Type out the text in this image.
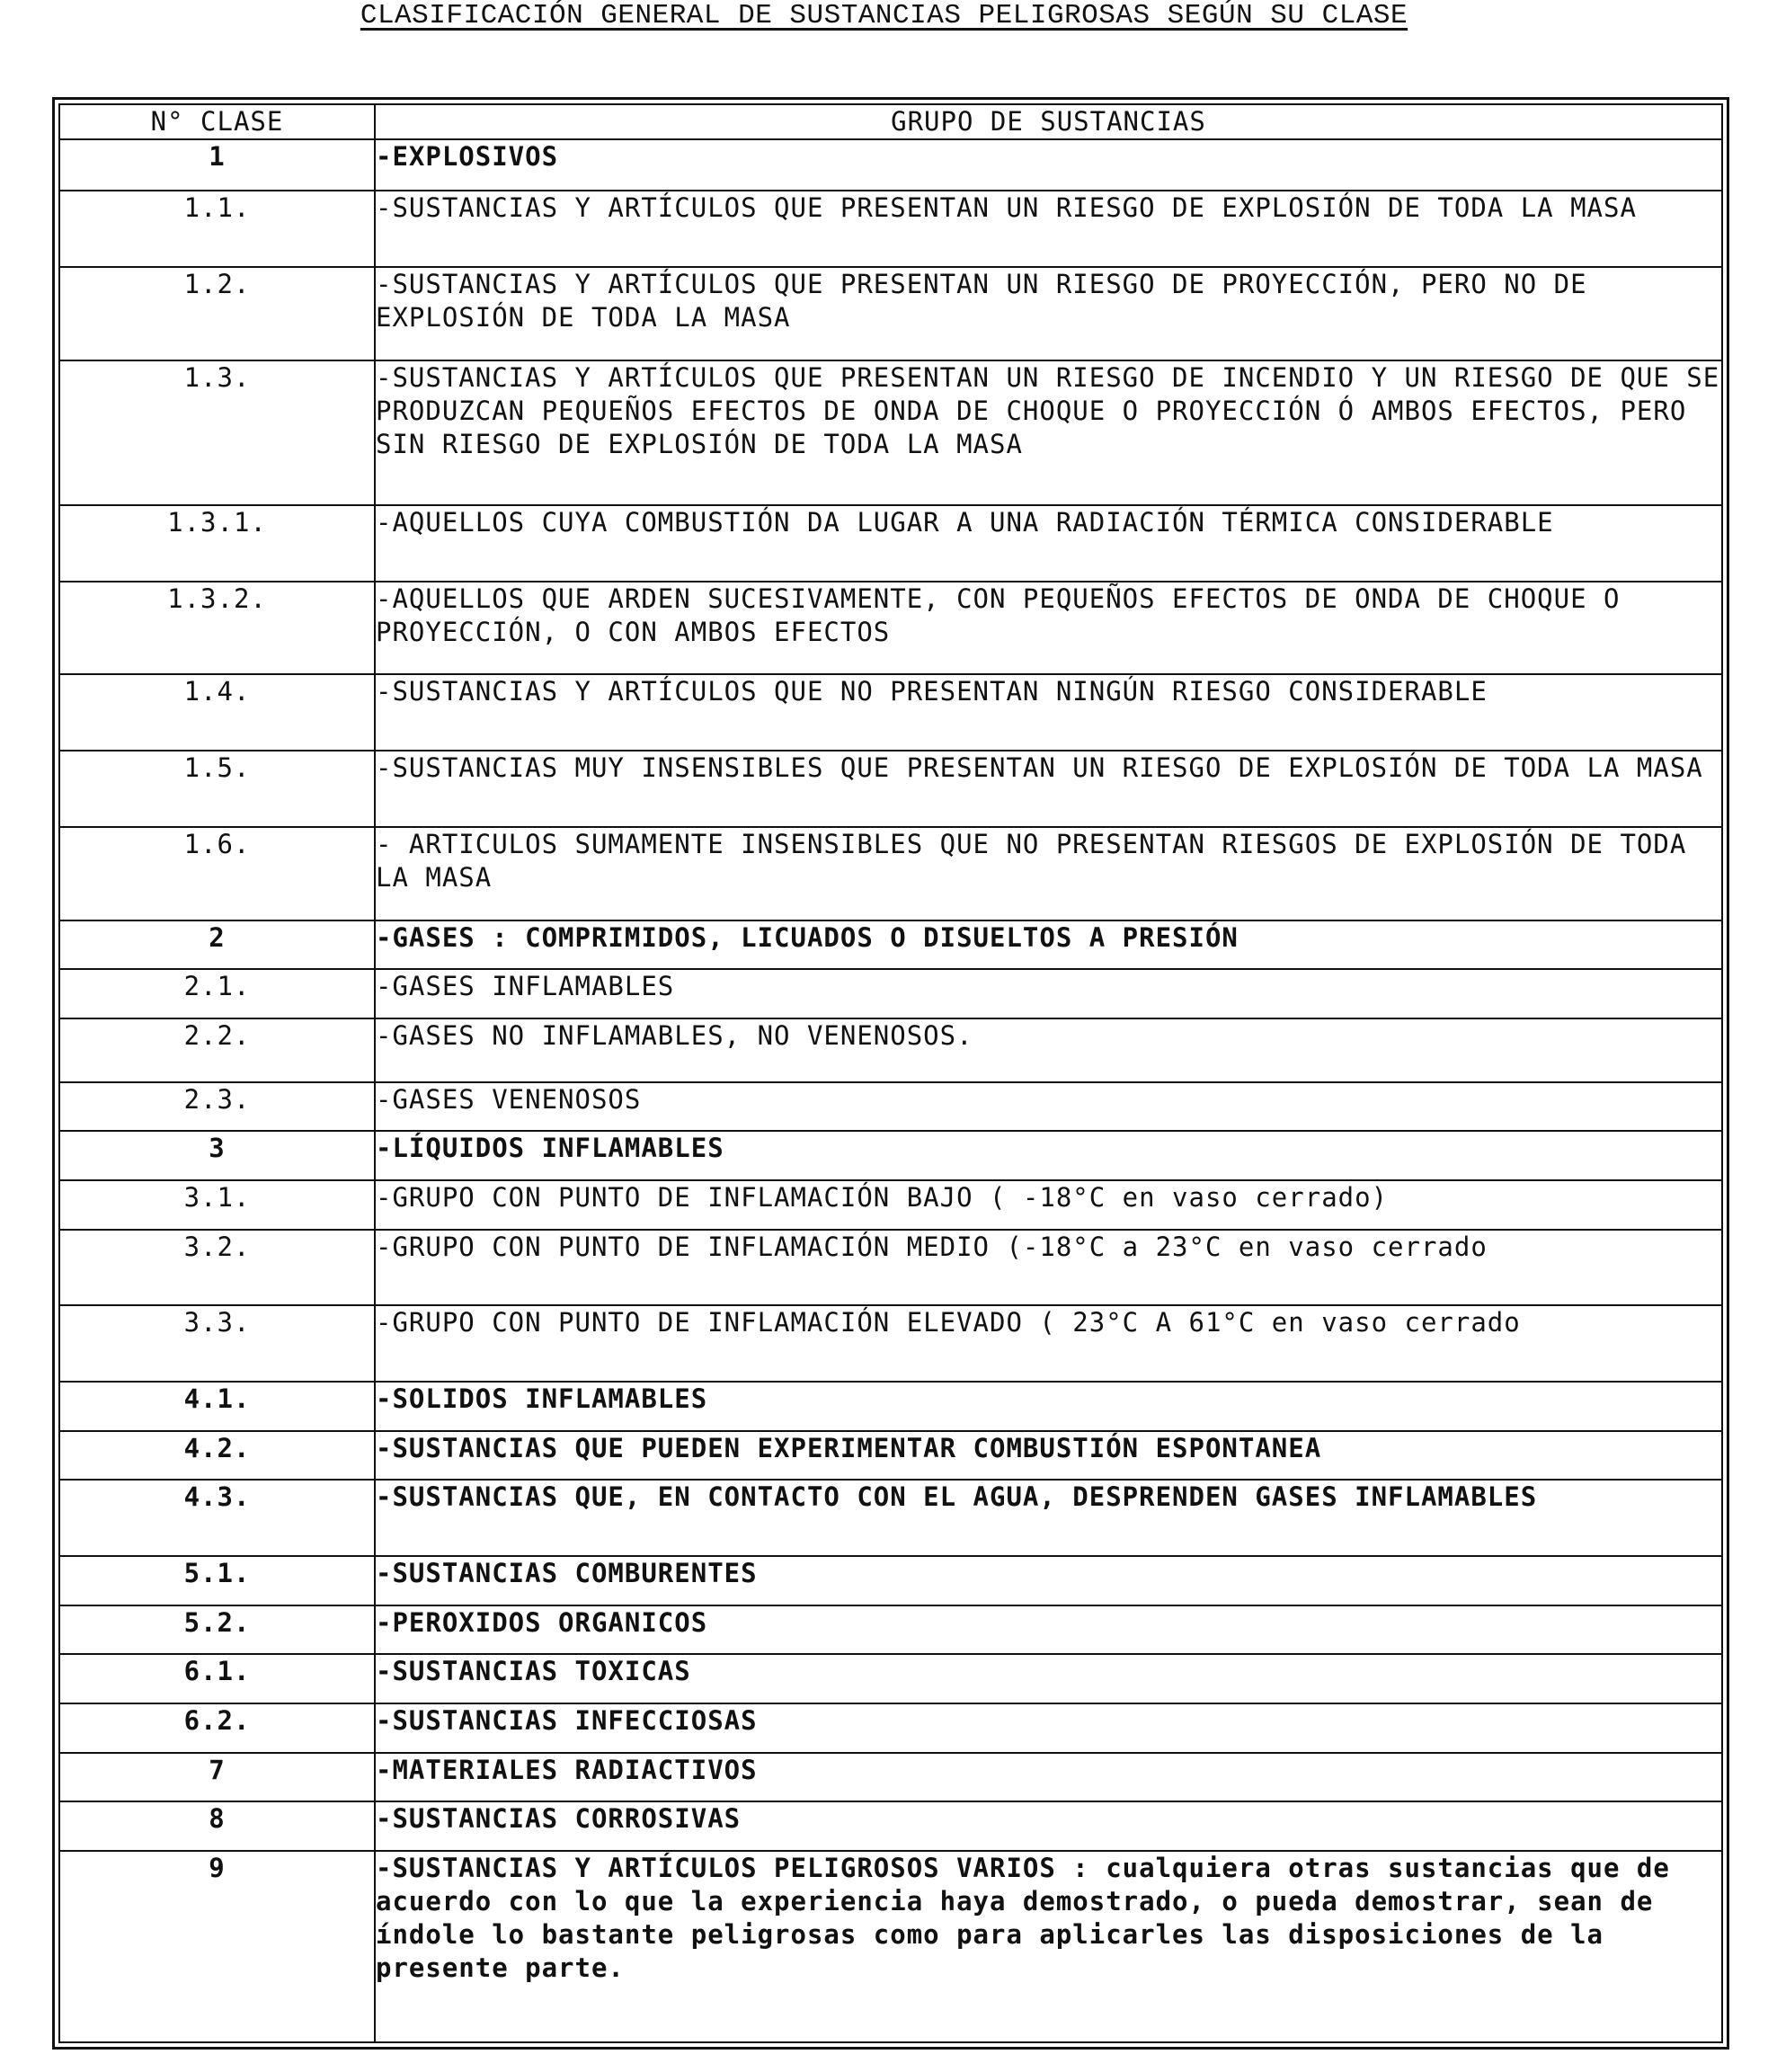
CLASIFICACIÓN GENERAL DE SUSTANCIAS PELIGROSAS SEGÚN SU CLASE
N° CLASE	GRUPO DE SUSTANCIAS
1	-EXPLOSIVOS
1.1.	-SUSTANCIAS Y ARTÍCULOS QUE PRESENTAN UN RIESGO DE EXPLOSIÓN DE TODA LA MASA
1.2.	-SUSTANCIAS Y ARTÍCULOS QUE PRESENTAN UN RIESGO DE PROYECCIÓN, PERO NO DE EXPLOSIÓN DE TODA LA MASA
1.3.	-SUSTANCIAS Y ARTÍCULOS QUE PRESENTAN UN RIESGO DE INCENDIO Y UN RIESGO DE QUE SE PRODUZCAN PEQUEÑOS EFECTOS DE ONDA DE CHOQUE O PROYECCIÓN Ó AMBOS EFECTOS, PERO SIN RIESGO DE EXPLOSIÓN DE TODA LA MASA
1.3.1.	-AQUELLOS CUYA COMBUSTIÓN DA LUGAR A UNA RADIACIÓN TÉRMICA CONSIDERABLE
1.3.2.	-AQUELLOS QUE ARDEN SUCESIVAMENTE, CON PEQUEÑOS EFECTOS DE ONDA DE CHOQUE O PROYECCIÓN, O CON AMBOS EFECTOS
1.4.	-SUSTANCIAS Y ARTÍCULOS QUE NO PRESENTAN NINGÚN RIESGO CONSIDERABLE
1.5.	-SUSTANCIAS MUY INSENSIBLES QUE PRESENTAN UN RIESGO DE EXPLOSIÓN DE TODA LA MASA
1.6.	- ARTICULOS SUMAMENTE INSENSIBLES QUE NO PRESENTAN RIESGOS DE EXPLOSIÓN DE TODA LA MASA
2	-GASES : COMPRIMIDOS, LICUADOS O DISUELTOS A PRESIÓN
2.1.	-GASES INFLAMABLES
2.2.	-GASES NO INFLAMABLES, NO VENENOSOS.
2.3.	-GASES VENENOSOS
3	-LÍQUIDOS INFLAMABLES
3.1.	-GRUPO CON PUNTO DE INFLAMACIÓN BAJO ( -18°C en vaso cerrado)
3.2.	-GRUPO CON PUNTO DE INFLAMACIÓN MEDIO (-18°C a 23°C en vaso cerrado
3.3.	-GRUPO CON PUNTO DE INFLAMACIÓN ELEVADO ( 23°C A 61°C en vaso cerrado
4.1.	-SOLIDOS INFLAMABLES
4.2.	-SUSTANCIAS QUE PUEDEN EXPERIMENTAR COMBUSTIÓN ESPONTANEA
4.3.	-SUSTANCIAS QUE, EN CONTACTO CON EL AGUA, DESPRENDEN GASES INFLAMABLES
5.1.	-SUSTANCIAS COMBURENTES
5.2.	-PEROXIDOS ORGANICOS
6.1.	-SUSTANCIAS TOXICAS
6.2.	-SUSTANCIAS INFECCIOSAS
7	-MATERIALES RADIACTIVOS
8	-SUSTANCIAS CORROSIVAS
9	-SUSTANCIAS Y ARTÍCULOS PELIGROSOS VARIOS : cualquiera otras sustancias que de acuerdo con lo que la experiencia haya demostrado, o pueda demostrar, sean de índole lo bastante peligrosas como para aplicarles las disposiciones de la presente parte.
